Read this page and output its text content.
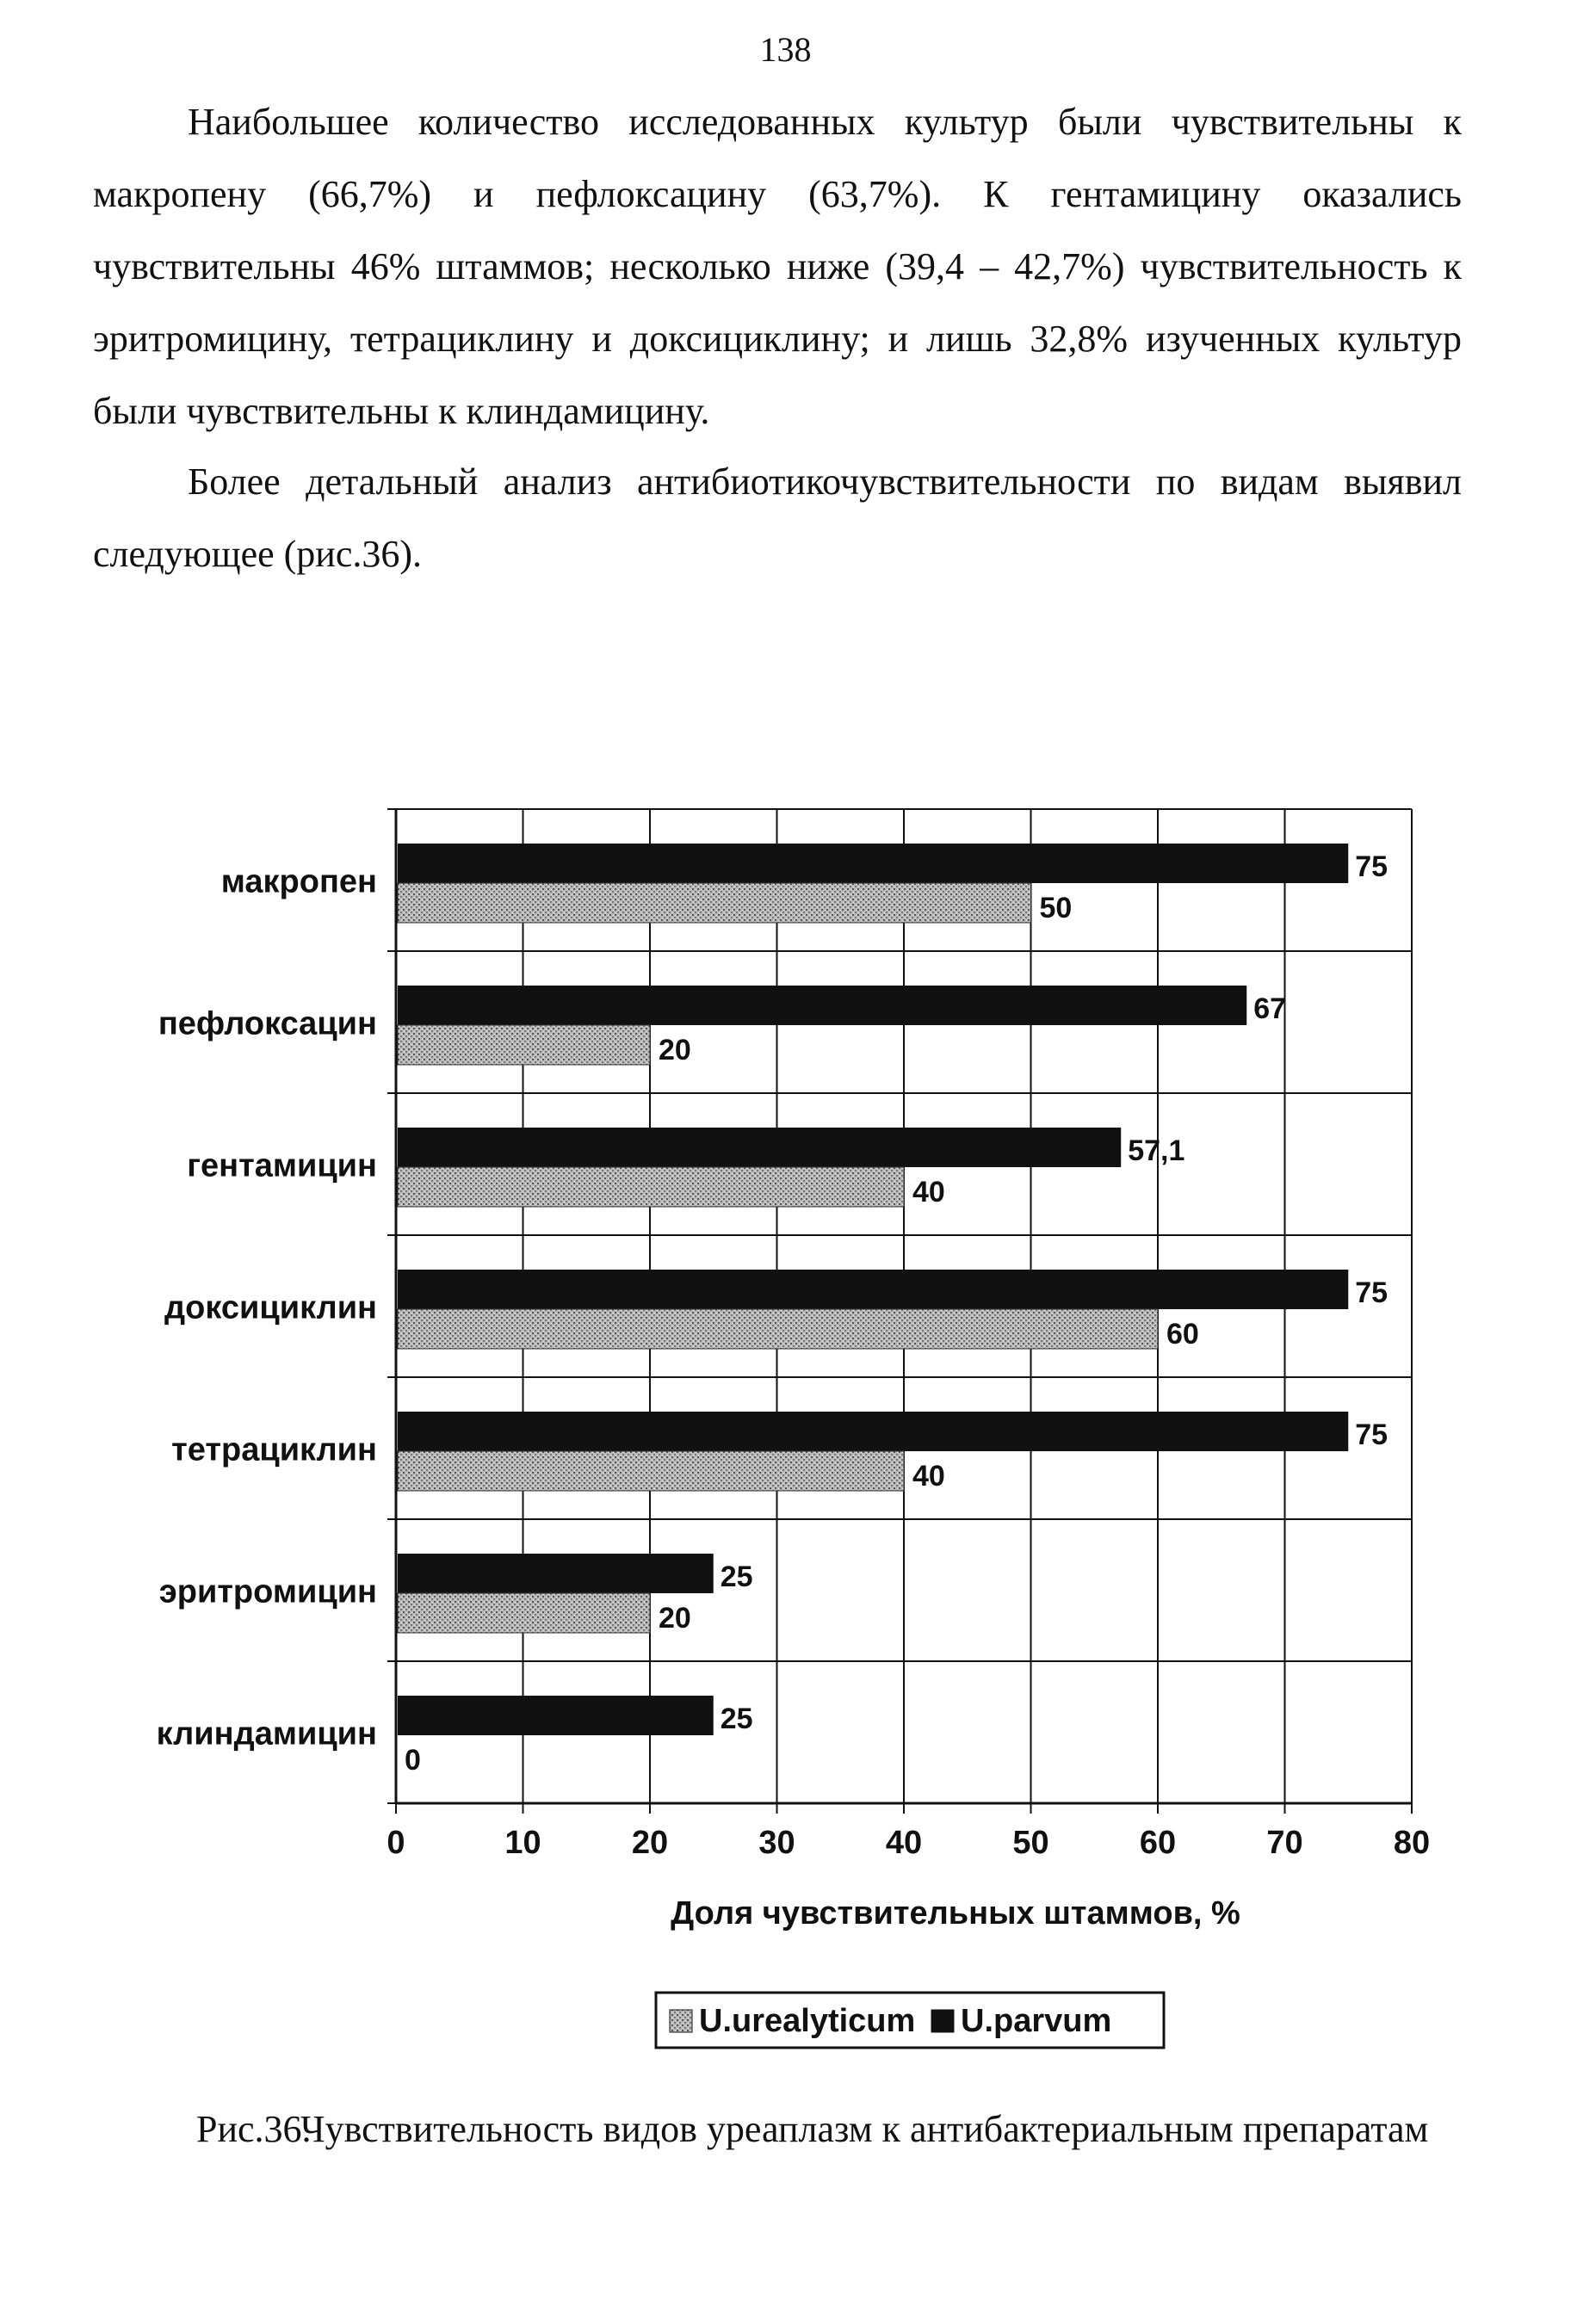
138

Наибольшее количество исследованных культур были чувствительны к макропену (66,7%) и пефлоксацину (63,7%). К гентамицину оказались чувствительны 46% штаммов; несколько ниже (39,4 – 42,7%) чувствительность к эритромицину, тетрациклину и доксициклину; и лишь 32,8% изученных культур были чувствительны к клиндамицину.

Более детальный анализ антибиотикочувствительности по видам выявил следующее (рис.36).

75
50
67
20
57,1
40
75
60
75
40
25
20
25
0
макропен
пефлоксацин
гентамицин
доксициклин
тетрациклин
эритромицин
клиндамицин
0	10	20	30	40	50	60	70	80
Доля чувствительных штаммов, %
U.urealyticum U.parvum
Рис.36. Чувствительность видов уреаплазм к антибактериальным препаратам
